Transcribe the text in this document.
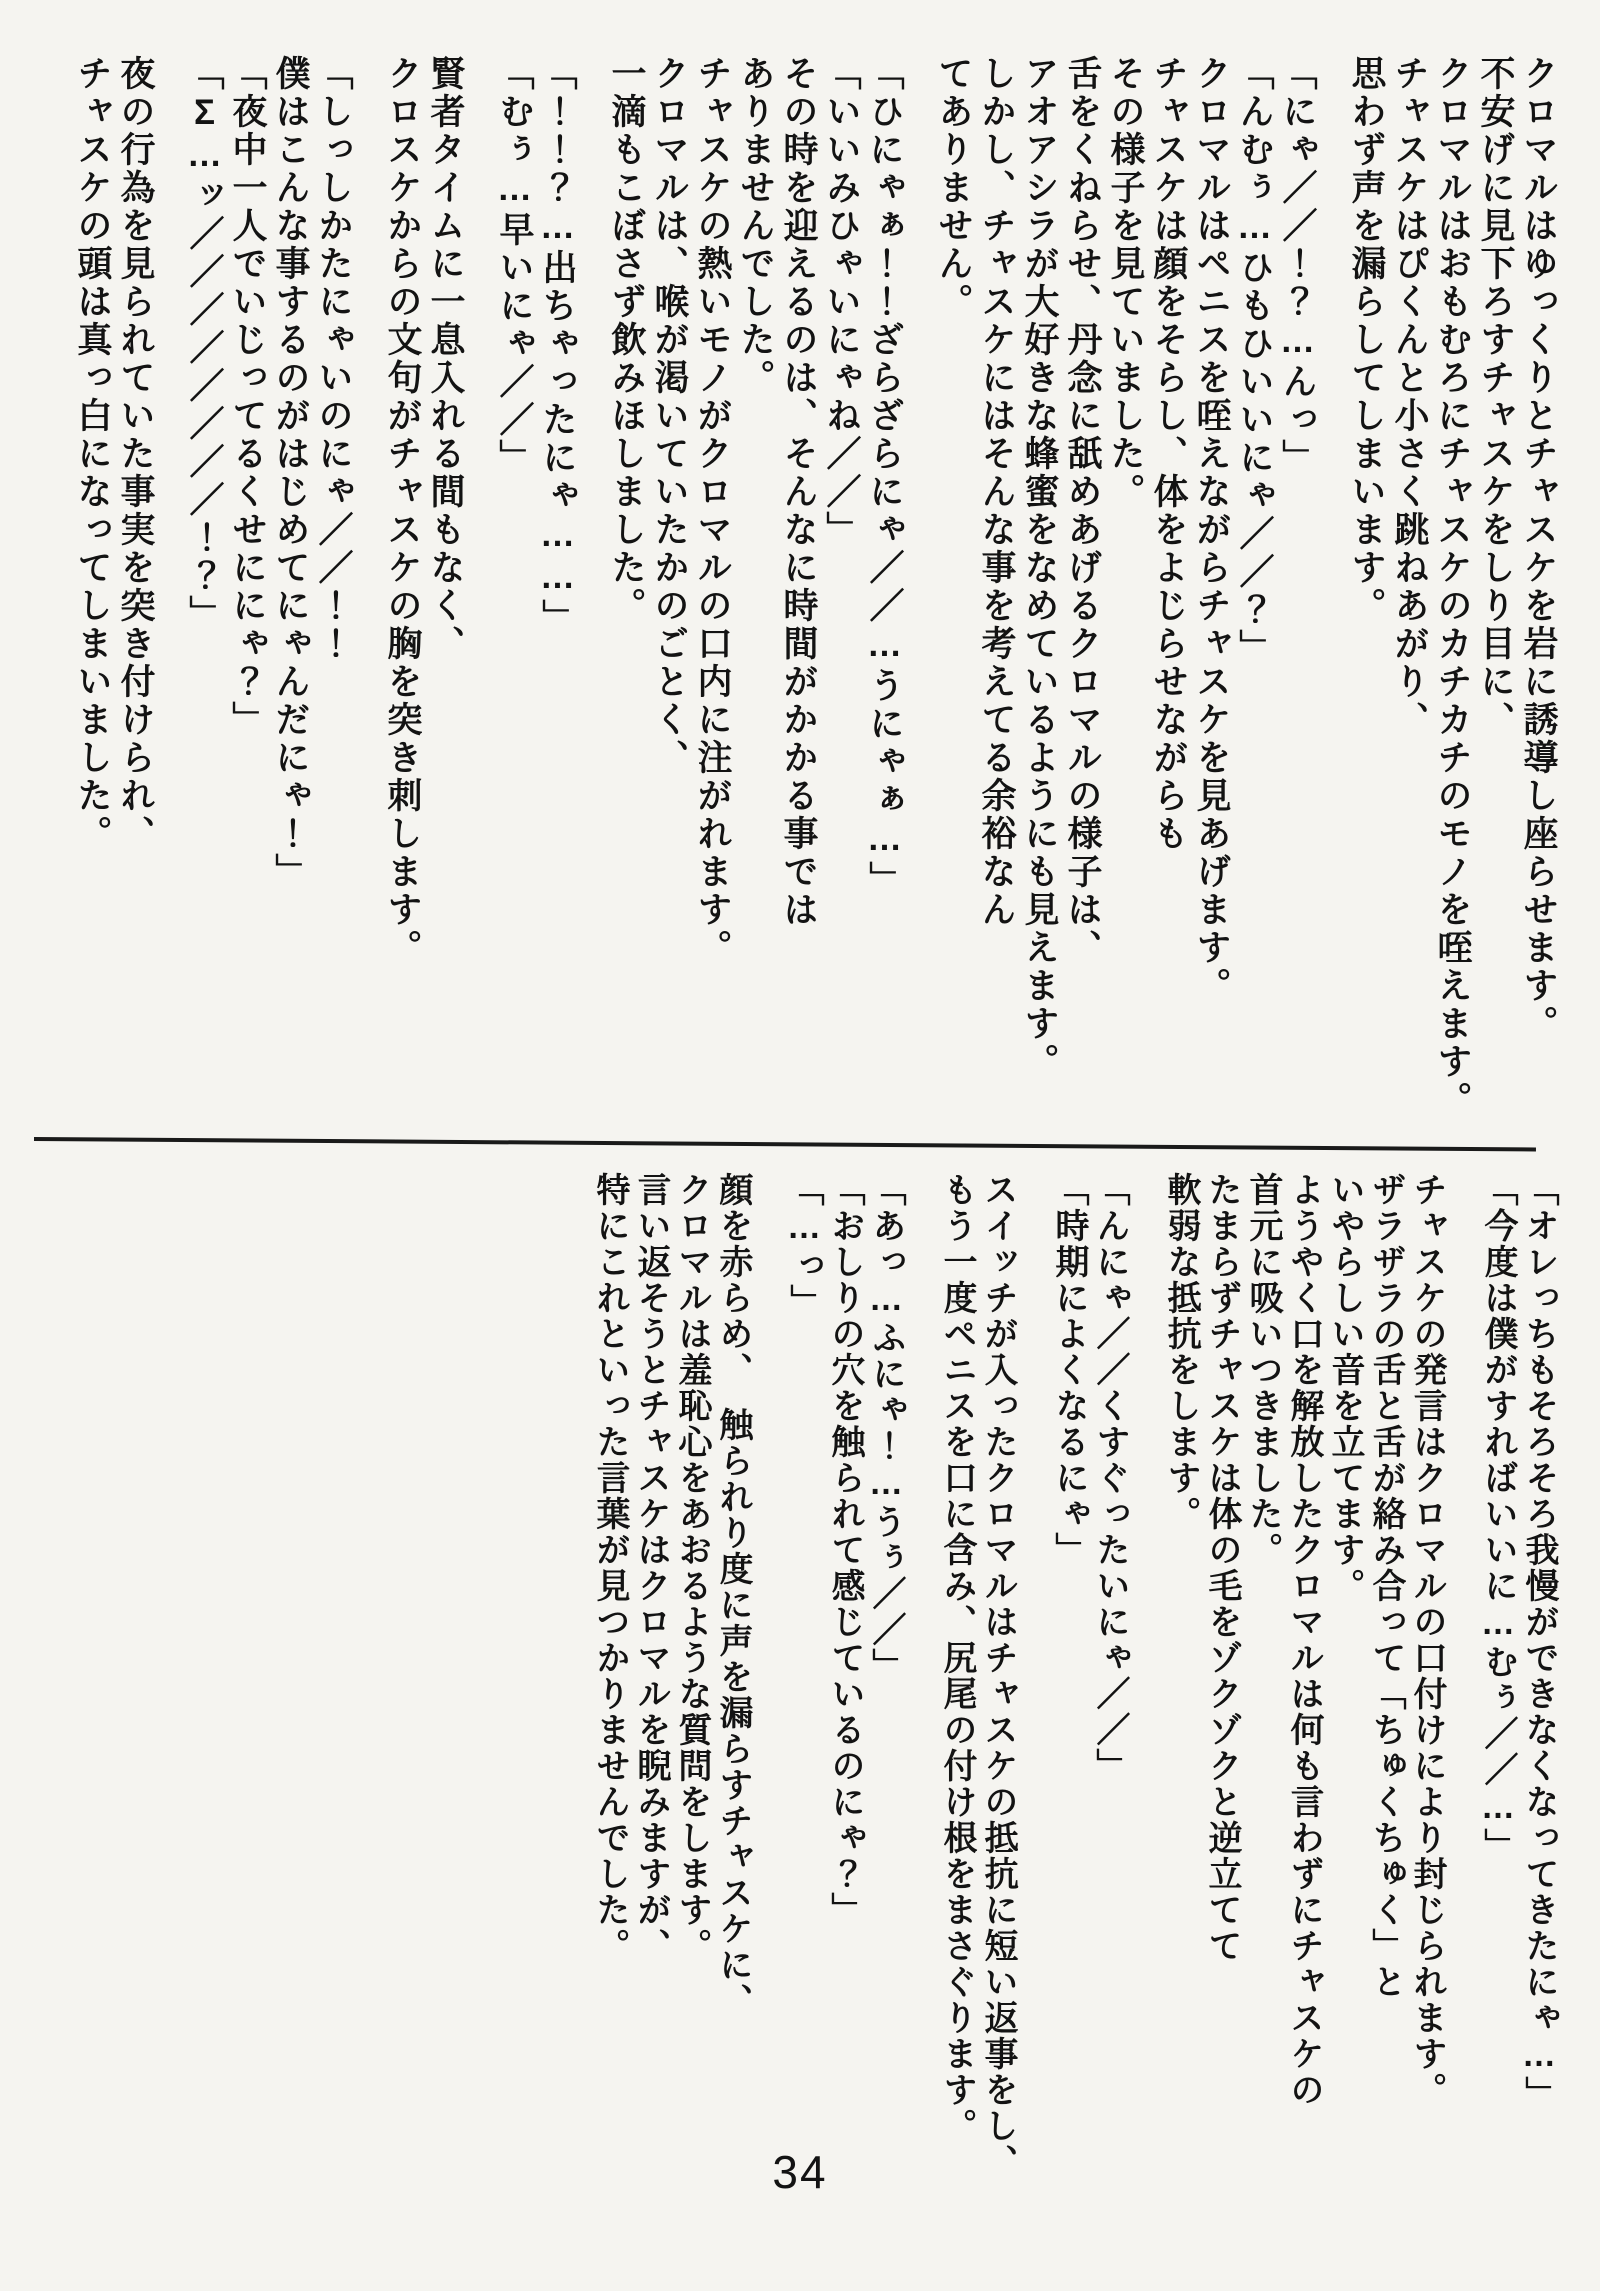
クロマルはゆっくりとチャスケを岩に誘導し座らせます。
不安げに見下ろすチャスケをしり目に、
クロマルはおもむろにチャスケのカチカチのモノを咥えます。
チャスケはぴくんと小さく跳ねあがり、
思わず声を漏らしてしまいます。
「にゃ／／！？…んっ」
「んむぅ…ひもひいいにゃ／／？」
クロマルはペニスを咥えながらチャスケを見あげます。
チャスケは顔をそらし、体をよじらせながらも
その様子を見ていました。
舌をくねらせ、丹念に舐めあげるクロマルの様子は、
アオアシラが大好きな蜂蜜をなめているようにも見えます。
しかし、チャスケにはそんな事を考えてる余裕なん
てありません。
「ひにゃぁ！！ざらざらにゃ／／…うにゃぁ…」
「いいみひゃいにゃね／／」
その時を迎えるのは、そんなに時間がかかる事では
ありませんでした。
チャスケの熱いモノがクロマルの口内に注がれます。
クロマルは、喉が渇いていたかのごとく、
一滴もこぼさず飲みほしました。
「！！？…出ちゃったにゃ……」
「むぅ…早いにゃ／／」
賢者タイムに一息入れる間もなく、
クロスケからの文句がチャスケの胸を突き刺します。
「しっしかたにゃいのにゃ／／！！
僕はこんな事するのがはじめてにゃんだにゃ！」
「夜中一人でいじってるくせににゃ？」
「Σ…ッ／／／／／／／／！？」
夜の行為を見られていた事実を突き付けられ、
チャスケの頭は真っ白になってしまいました。
「オレっちもそろそろ我慢ができなくなってきたにゃ…」
「今度は僕がすればいいに…むぅ／／…」
チャスケの発言はクロマルの口付けにより封じられます。
ザラザラの舌と舌が絡み合って「ちゅくちゅく」と
いやらしい音を立てます。
ようやく口を解放したクロマルは何も言わずにチャスケの
首元に吸いつきました。
たまらずチャスケは体の毛をゾクゾクと逆立てて
軟弱な抵抗をします。
「んにゃ／／くすぐったいにゃ／／」
「時期によくなるにゃ」
スイッチが入ったクロマルはチャスケの抵抗に短い返事をし、
もう一度ペニスを口に含み、尻尾の付け根をまさぐります。
「あっ…ふにゃ！…うぅ／／」
「おしりの穴を触られて感じているのにゃ？」
「…っ」
顔を赤らめ、　触られり度に声を漏らすチャスケに、
クロマルは羞恥心をあおるような質問をします。
言い返そうとチャスケはクロマルを睨みますが、
特にこれといった言葉が見つかりませんでした。
34
